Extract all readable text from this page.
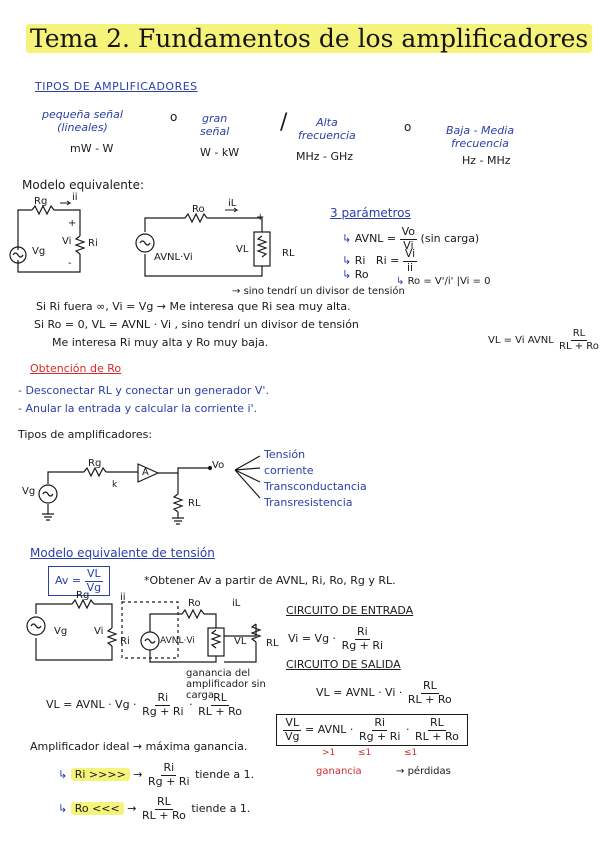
Tema 2. Fundamentos de los amplificadores
TIPOS DE AMPLIFICADORES
pequeña señal
(lineales)
mW - W
o gran
señal
W - kW
/	Alta
frecuencia
MHz - GHz
o	Baja - Media
frecuencia
Hz - MHz
Modelo equivalente:
Rg ii
+
Vi Ri
-
Vg
Ro
iL
AVNL·Vi
VL	RL
+	3 parámetros
↳ AVNL = $\frac{Vo}{Vi} (\sin$ carga)
↳ Ri $Ri = \frac{Vi}{ii}$
↳ Ro
↳ Ro = V'/i' |Vi = 0
→ sino tendrí un divisor de tensión
Si Ri fuera ∞, Vi = Vg → Me interesa que Ri sea muy alta.
Si Ro = 0, VL = AVNL · Vi , sino tendrí un divisor de tensión
Me interesa Ri muy alta y Ro muy baja.	VL = Vi AVNL $\frac{RL}{RL + Ro}$
Obtención de Ro
- Desconectar RL y conectar un generador V'.
- Anular la entrada y calcular la corriente i'.
Tipos de amplificadores:
Rg
Vg
k
A
Vo
RL
Tensión
corriente
Transconductancia
Transresistencia
Modelo equivalente de tensión
$Av = \frac{VL}{Vg}$	*Obtener Av a partir de AVNL, Ri, Ro, Rg y RL.
Rg	ii
Vg	Vi
Ri
Ro	iL
AVNL·Vi	VL RL
ganancia del amplificador sin carga.
CIRCUITO DE ENTRADA
$Vi = Vg \cdot \frac{Ri}{Rg + Ri}$
CIRCUITO DE SALIDA
VL = AVNL · $Vi \cdot \frac{RL}{RL + Ro}$
VL = AVNL · $Vg \cdot \frac{Ri}{Rg + Ri} \cdot \frac{RL}{RL + Ro}$
$\frac{VL}{Vg}$ = AVNL · $\frac{Ri}{Rg + Ri} \cdot \frac{RL}{RL + Ro}$
>1	≤1	≤1
ganancia	→ pérdidas
Amplificador ideal → máxima ganancia.
↳ Ri >>>> → $\frac{Ri}{Rg + Ri}$ tiende a 1.
↳ Ro <<< → $\frac{RL}{RL + Ro}$ tiende a 1.
